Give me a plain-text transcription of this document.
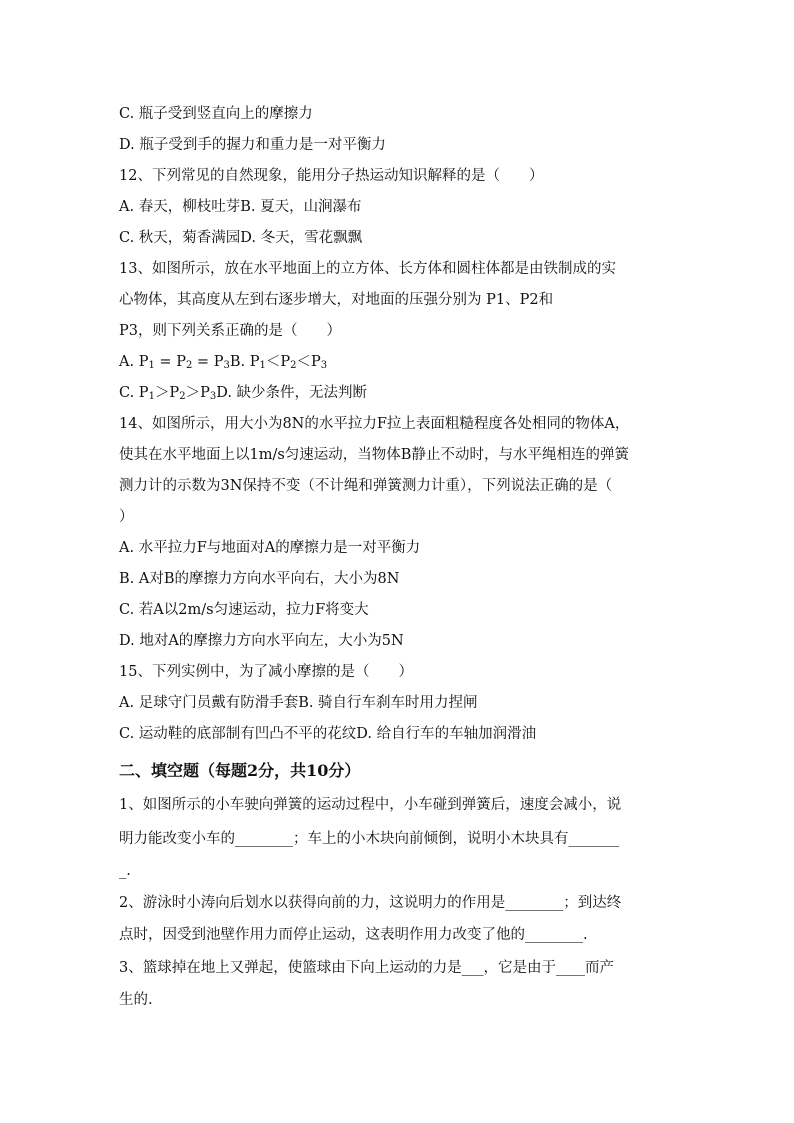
C. 瓶子受到竖直向上的摩擦力
D. 瓶子受到手的握力和重力是一对平衡力
12、下列常见的自然现象，能用分子热运动知识解释的是（　　）
A. 春天，柳枝吐芽B. 夏天，山涧瀑布
C. 秋天，菊香满园D. 冬天，雪花飘飘
13、如图所示，放在水平地面上的立方体、长方体和圆柱体都是由铁制成的实
心物体，其高度从左到右逐步增大，对地面的压强分别为 P1、P2和
P3，则下列关系正确的是（　　）
A. $P_1 = P_2 = P_3B$. $P_1<P_2<P_3$
C. $P_1>P_2>P_3D$. 缺少条件，无法判断
14、如图所示，用大小为8N的水平拉力F拉上表面粗糙程度各处相同的物体A，
使其在水平地面上以1m/s匀速运动，当物体B静止不动时，与水平绳相连的弹簧
测力计的示数为3N保持不变（不计绳和弹簧测力计重），下列说法正确的是（
）
A. 水平拉力F与地面对A的摩擦力是一对平衡力
B. A对B的摩擦力方向水平向右，大小为8N
C. 若A以2m/s匀速运动，拉力F将变大
D. 地对A的摩擦力方向水平向左，大小为5N
15、下列实例中，为了减小摩擦的是（　　）
A. 足球守门员戴有防滑手套B. 骑自行车刹车时用力捏闸
C. 运动鞋的底部制有凹凸不平的花纹D. 给自行车的车轴加润滑油
二、填空题（每题2分，共10分）
1、如图所示的小车驶向弹簧的运动过程中，小车碰到弹簧后，速度会减小，说
明力能改变小车的________；车上的小木块向前倾倒，说明小木块具有_______
_.
2、游泳时小涛向后划水以获得向前的力，这说明力的作用是________；到达终
点时，因受到池壁作用力而停止运动，这表明作用力改变了他的________.
3、篮球掉在地上又弹起，使篮球由下向上运动的力是___，它是由于____而产
生的.
